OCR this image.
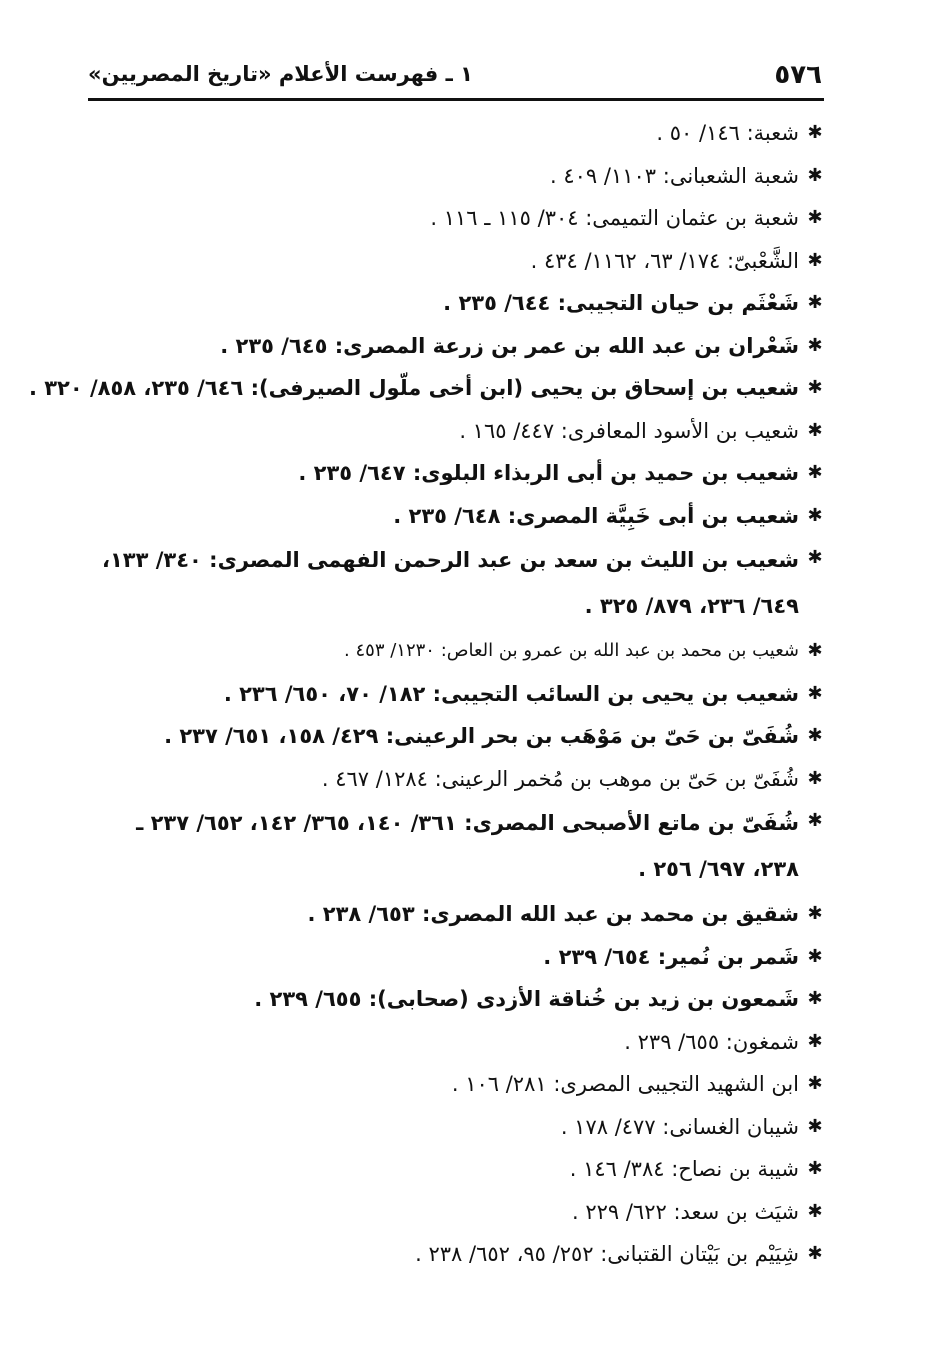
٥٧٦
١ ـ فهرست الأعلام «تاريخ المصريين»
✱
شعبة: ١٤٦/ ٥٠ .
✱
شعبة الشعبانى: ١١٠٣/ ٤٠٩ .
✱
شعبة بن عثمان التميمى: ٣٠٤/ ١١٥ ـ ١١٦ .
✱
الشَّعْبىّ: ١٧٤/ ٦٣، ١١٦٢/ ٤٣٤ .
✱
شَعْثَم بن حيان التجيبى: ٦٤٤/ ٢٣٥ .
✱
شَعْران بن عبد الله بن عمر بن زرعة المصرى: ٦٤٥/ ٢٣٥ .
✱
شعيب بن إسحاق بن يحيى (ابن أخى ملّول الصيرفى): ٦٤٦/ ٢٣٥، ٨٥٨/ ٣٢٠ .
✱
شعيب بن الأسود المعافرى: ٤٤٧/ ١٦٥ .
✱
شعيب بن حميد بن أبى الربذاء البلوى: ٦٤٧/ ٢٣٥ .
✱
شعيب بن أبى خَبِيَّة المصرى: ٦٤٨/ ٢٣٥ .
✱
شعيب بن الليث بن سعد بن عبد الرحمن الفهمى المصرى: ٣٤٠/ ١٣٣، ٦٤٩/ ٢٣٦، ٨٧٩/ ٣٢٥ .
✱
شعيب بن محمد بن عبد الله بن عمرو بن العاص: ١٢٣٠/ ٤٥٣ .
✱
شعيب بن يحيى بن السائب التجيبى: ١٨٢/ ٧٠، ٦٥٠/ ٢٣٦ .
✱
شُفَىّ بن حَىّ بن مَوْهَب بن بحر الرعينى: ٤٢٩/ ١٥٨، ٦٥١/ ٢٣٧ .
✱
شُفَىّ بن حَىّ بن موهب بن مُخمر الرعينى: ١٢٨٤/ ٤٦٧ .
✱
شُفَىّ بن ماتع الأصبحى المصرى: ٣٦١/ ١٤٠، ٣٦٥/ ١٤٢، ٦٥٢/ ٢٣٧ ـ ٢٣٨، ٦٩٧/ ٢٥٦ .
✱
شقيق بن محمد بن عبد الله المصرى: ٦٥٣/ ٢٣٨ .
✱
شَمر بن نُمير: ٦٥٤/ ٢٣٩ .
✱
شَمعون بن زيد بن خُناقة الأزدى (صحابى): ٦٥٥/ ٢٣٩ .
✱
شمغون: ٦٥٥/ ٢٣٩ .
✱
ابن الشهيد التجيبى المصرى: ٢٨١/ ١٠٦ .
✱
شيبان الغسانى: ٤٧٧/ ١٧٨ .
✱
شيبة بن نصاح: ٣٨٤/ ١٤٦ .
✱
شيَث بن سعد: ٦٢٢/ ٢٢٩ .
✱
شِيَيْم بن بَيْتان القتبانى: ٢٥٢/ ٩٥، ٦٥٢/ ٢٣٨ .
